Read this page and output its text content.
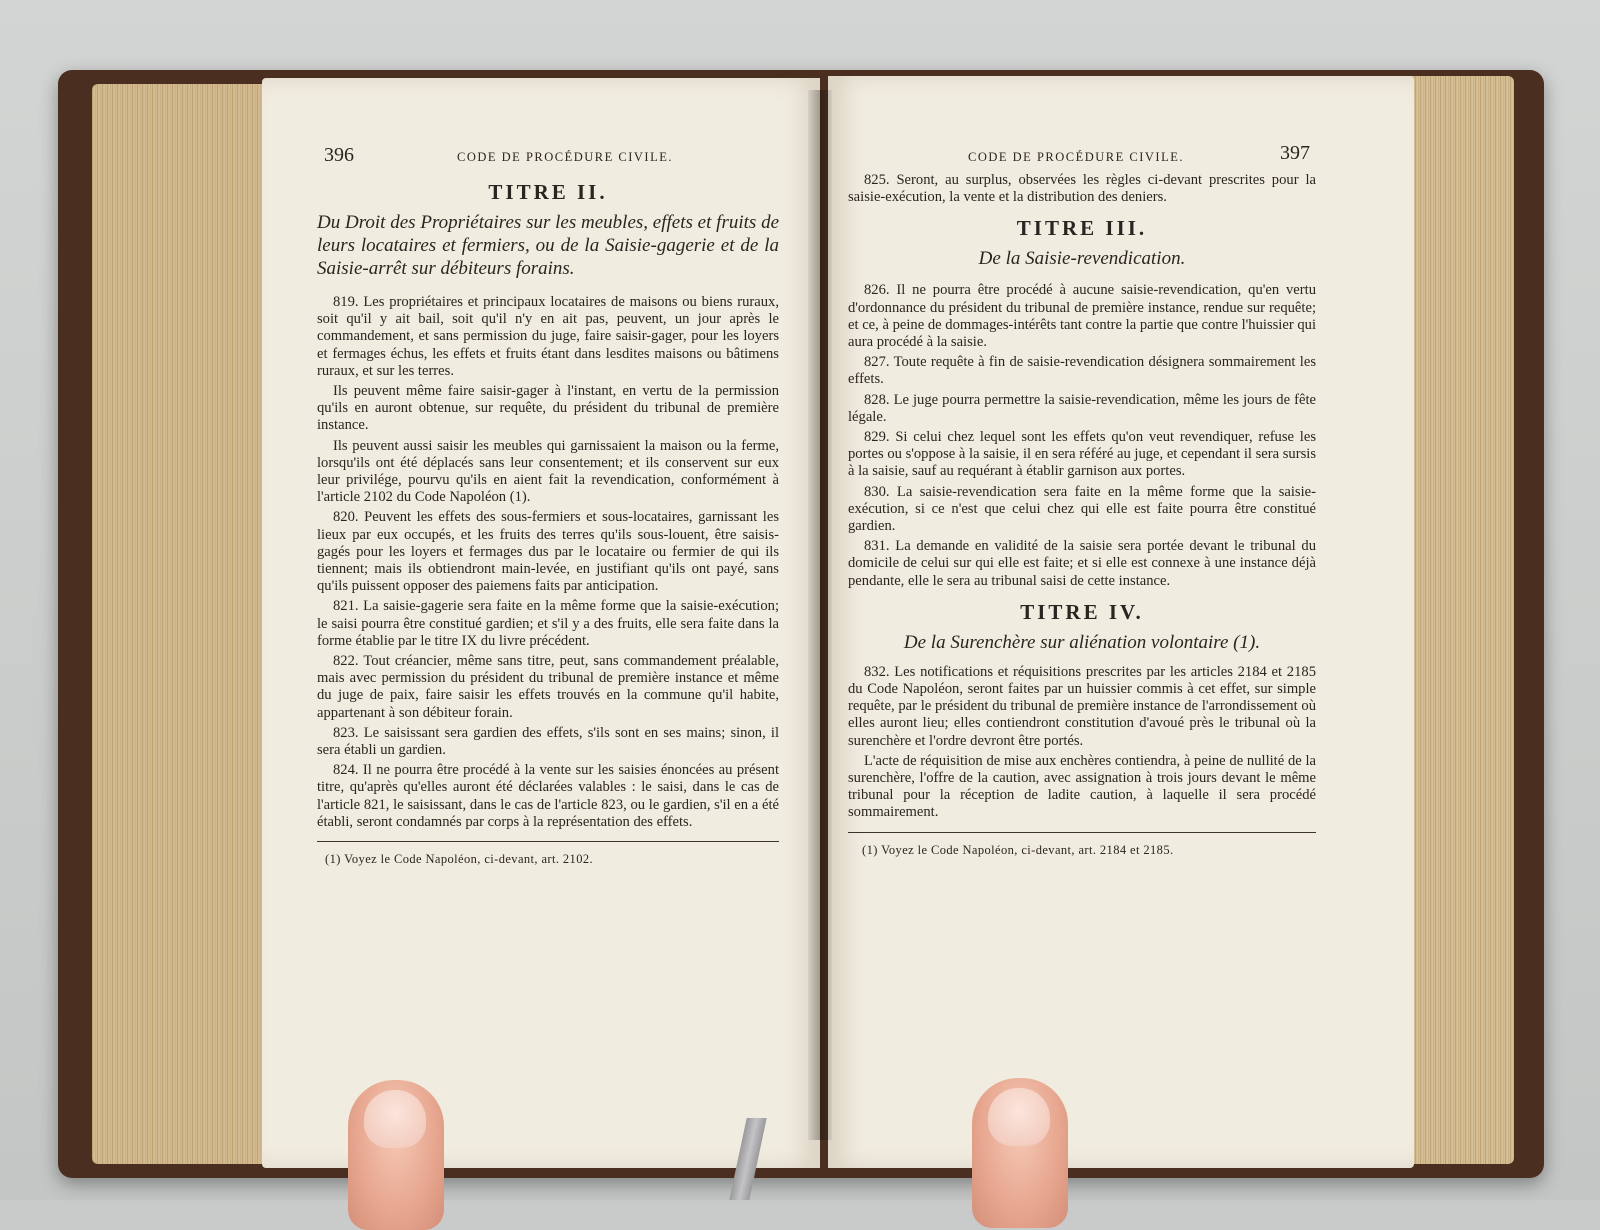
396	CODE DE PROCÉDURE CIVILE.
TITRE II.

Du Droit des Propriétaires sur les meubles, effets et fruits de leurs locataires et fermiers, ou de la Saisie-gagerie et de la Saisie-arrêt sur débiteurs forains.

819. Les propriétaires et principaux locataires de maisons ou biens ruraux, soit qu'il y ait bail, soit qu'il n'y en ait pas, peuvent, un jour après le commandement, et sans permission du juge, faire saisir-gager, pour les loyers et fermages échus, les effets et fruits étant dans lesdites maisons ou bâtimens ruraux, et sur les terres.

Ils peuvent même faire saisir-gager à l'instant, en vertu de la permission qu'ils en auront obtenue, sur requête, du président du tribunal de première instance.

Ils peuvent aussi saisir les meubles qui garnissaient la maison ou la ferme, lorsqu'ils ont été déplacés sans leur consentement; et ils conservent sur eux leur privilége, pourvu qu'ils en aient fait la revendication, conformément à l'article 2102 du Code Napoléon (1).

820. Peuvent les effets des sous-fermiers et sous-locataires, garnissant les lieux par eux occupés, et les fruits des terres qu'ils sous-louent, être saisis-gagés pour les loyers et fermages dus par le locataire ou fermier de qui ils tiennent; mais ils obtiendront main-levée, en justifiant qu'ils ont payé, sans qu'ils puissent opposer des paiemens faits par anticipation.

821. La saisie-gagerie sera faite en la même forme que la saisie-exécution; le saisi pourra être constitué gardien; et s'il y a des fruits, elle sera faite dans la forme établie par le titre IX du livre précédent.

822. Tout créancier, même sans titre, peut, sans commandement préalable, mais avec permission du président du tribunal de première instance et même du juge de paix, faire saisir les effets trouvés en la commune qu'il habite, appartenant à son débiteur forain.

823. Le saisissant sera gardien des effets, s'ils sont en ses mains; sinon, il sera établi un gardien.

824. Il ne pourra être procédé à la vente sur les saisies énoncées au présent titre, qu'après qu'elles auront été déclarées valables : le saisi, dans le cas de l'article 821, le saisissant, dans le cas de l'article 823, ou le gardien, s'il en a été établi, seront condamnés par corps à la représentation des effets.

(1) Voyez le Code Napoléon, ci-devant, art. 2102.
CODE DE PROCÉDURE CIVILE.	397

825. Seront, au surplus, observées les règles ci-devant prescrites pour la saisie-exécution, la vente et la distribution des deniers.

TITRE III.

De la Saisie-revendication.

826. Il ne pourra être procédé à aucune saisie-revendication, qu'en vertu d'ordonnance du président du tribunal de première instance, rendue sur requête; et ce, à peine de dommages-intérêts tant contre la partie que contre l'huissier qui aura procédé à la saisie.

827. Toute requête à fin de saisie-revendication désignera sommairement les effets.

828. Le juge pourra permettre la saisie-revendication, même les jours de fête légale.

829. Si celui chez lequel sont les effets qu'on veut revendiquer, refuse les portes ou s'oppose à la saisie, il en sera référé au juge, et cependant il sera sursis à la saisie, sauf au requérant à établir garnison aux portes.

830. La saisie-revendication sera faite en la même forme que la saisie-exécution, si ce n'est que celui chez qui elle est faite pourra être constitué gardien.

831. La demande en validité de la saisie sera portée devant le tribunal du domicile de celui sur qui elle est faite; et si elle est connexe à une instance déjà pendante, elle le sera au tribunal saisi de cette instance.

TITRE IV.

De la Surenchère sur aliénation volontaire (1).

832. Les notifications et réquisitions prescrites par les articles 2184 et 2185 du Code Napoléon, seront faites par un huissier commis à cet effet, sur simple requête, par le président du tribunal de première instance de l'arrondissement où elles auront lieu; elles contiendront constitution d'avoué près le tribunal où la surenchère et l'ordre devront être portés.

L'acte de réquisition de mise aux enchères contiendra, à peine de nullité de la surenchère, l'offre de la caution, avec assignation à trois jours devant le même tribunal pour la réception de ladite caution, à laquelle il sera procédé sommairement.

(1) Voyez le Code Napoléon, ci-devant, art. 2184 et 2185.
